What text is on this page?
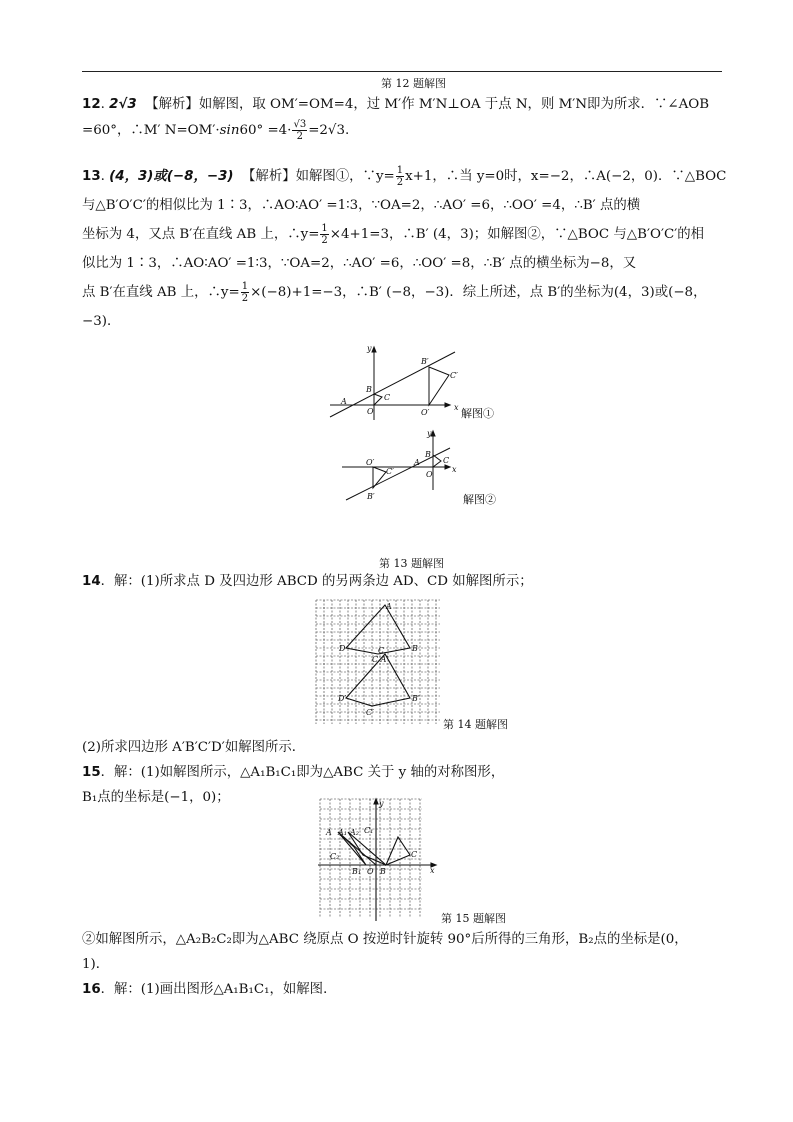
第 12 题解图
12. 2√3 【解析】如解图，取 OM′=OM=4，过 M′作 M′N⊥OA 于点 N，则 M′N即为所求．∵∠AOB
=60°，∴M′ $N=OM'\cdot\sin 60^\circ =4\cdot \frac{√3}{2} =2√3$.
13. (4，3)或(−8，−3) 【解析】如解图①，∵y= $\frac{1}{2} x+1$，∴当 y=0时，x=−2，∴A(−2，0)．∵△BOC
与△B′O′C′的相似比为 1∶3，∴AO∶AO′ =1∶3，∵OA=2，∴AO′ =6，∴OO′ =4，∴B′ 点的横
坐标为 4，又点 B′在直线 AB 上，∴y= $\frac{1}{2} \times 4+1=3$，∴B′ (4，3)；如解图②，∵△BOC 与△B′O′C′的相
似比为 1∶3，∴AO∶AO′ =1∶3，∵OA=2，∴AO′ =6，∴OO′ =8，∴B′ 点的横坐标为−8，又
点 B′在直线 AB 上，∴y= $\frac{1}{2} \times(-8)+1=-3$，∴B′ (−8，−3)．综上所述，点 B′的坐标为(4，3)或(−8，
−3)．
A
B
O
C
B′
C′
O′
x
y
解图①
O′
C′
B′
A
B
C
O
x
y
解图②
第 13 题解图
14．解：(1)所求点 D 及四边形 ABCD 的另两条边 AD、CD 如解图所示；
A
D	C	B
C A′
D′	B′
C′
第 14 题解图
(2)所求四边形 A′B′C′D′如解图所示．
15．解：(1)如解图所示，△A₁B₁C₁即为△ABC 关于 y 轴的对称图形，
B₁点的坐标是(−1，0)；
A A₁ A₂ C₁
C₂	C
B₁ O B	x
y
第 15 题解图
②如解图所示，△A₂B₂C₂即为△ABC 绕原点 O 按逆时针旋转 90°后所得的三角形，B₂点的坐标是(0，
1)．
16．解：(1)画出图形△A₁B₁C₁，如解图．
